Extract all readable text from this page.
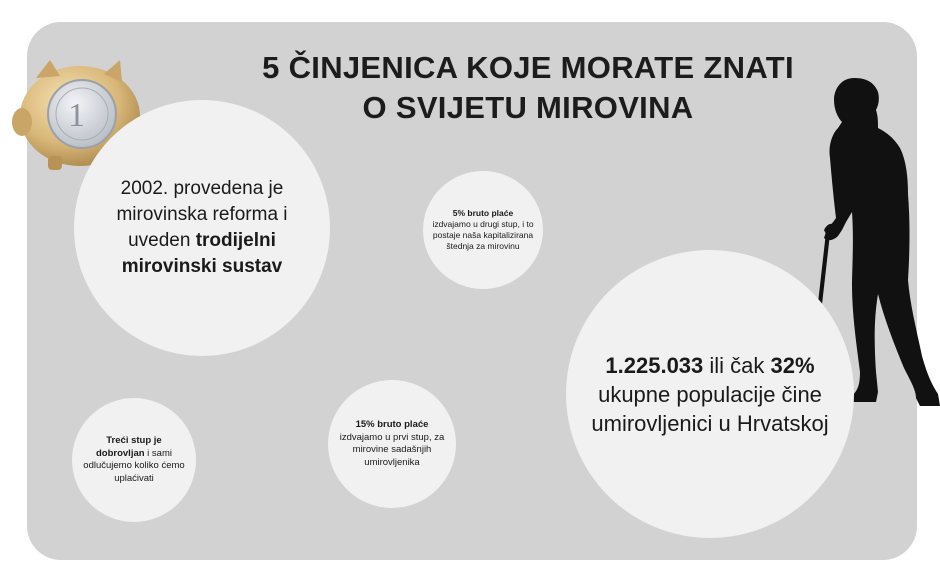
1
5 ČINJENICA KOJE MORATE ZNATI
O SVIJETU MIROVINA
2002. provedena je mirovinska reforma i uveden trodijelni mirovinski sustav
5% bruto plaće
izdvajamo u drugi stup, i to postaje naša kapitalizirana štednja za mirovinu
Treći stup je dobrovljan i sami odlučujemo koliko ćemo uplaćivati
15% bruto plaće
izdvajamo u prvi stup, za mirovine sadašnjih umirovljenika
1.225.033 ili čak 32% ukupne populacije čine umirovljenici u Hrvatskoj
